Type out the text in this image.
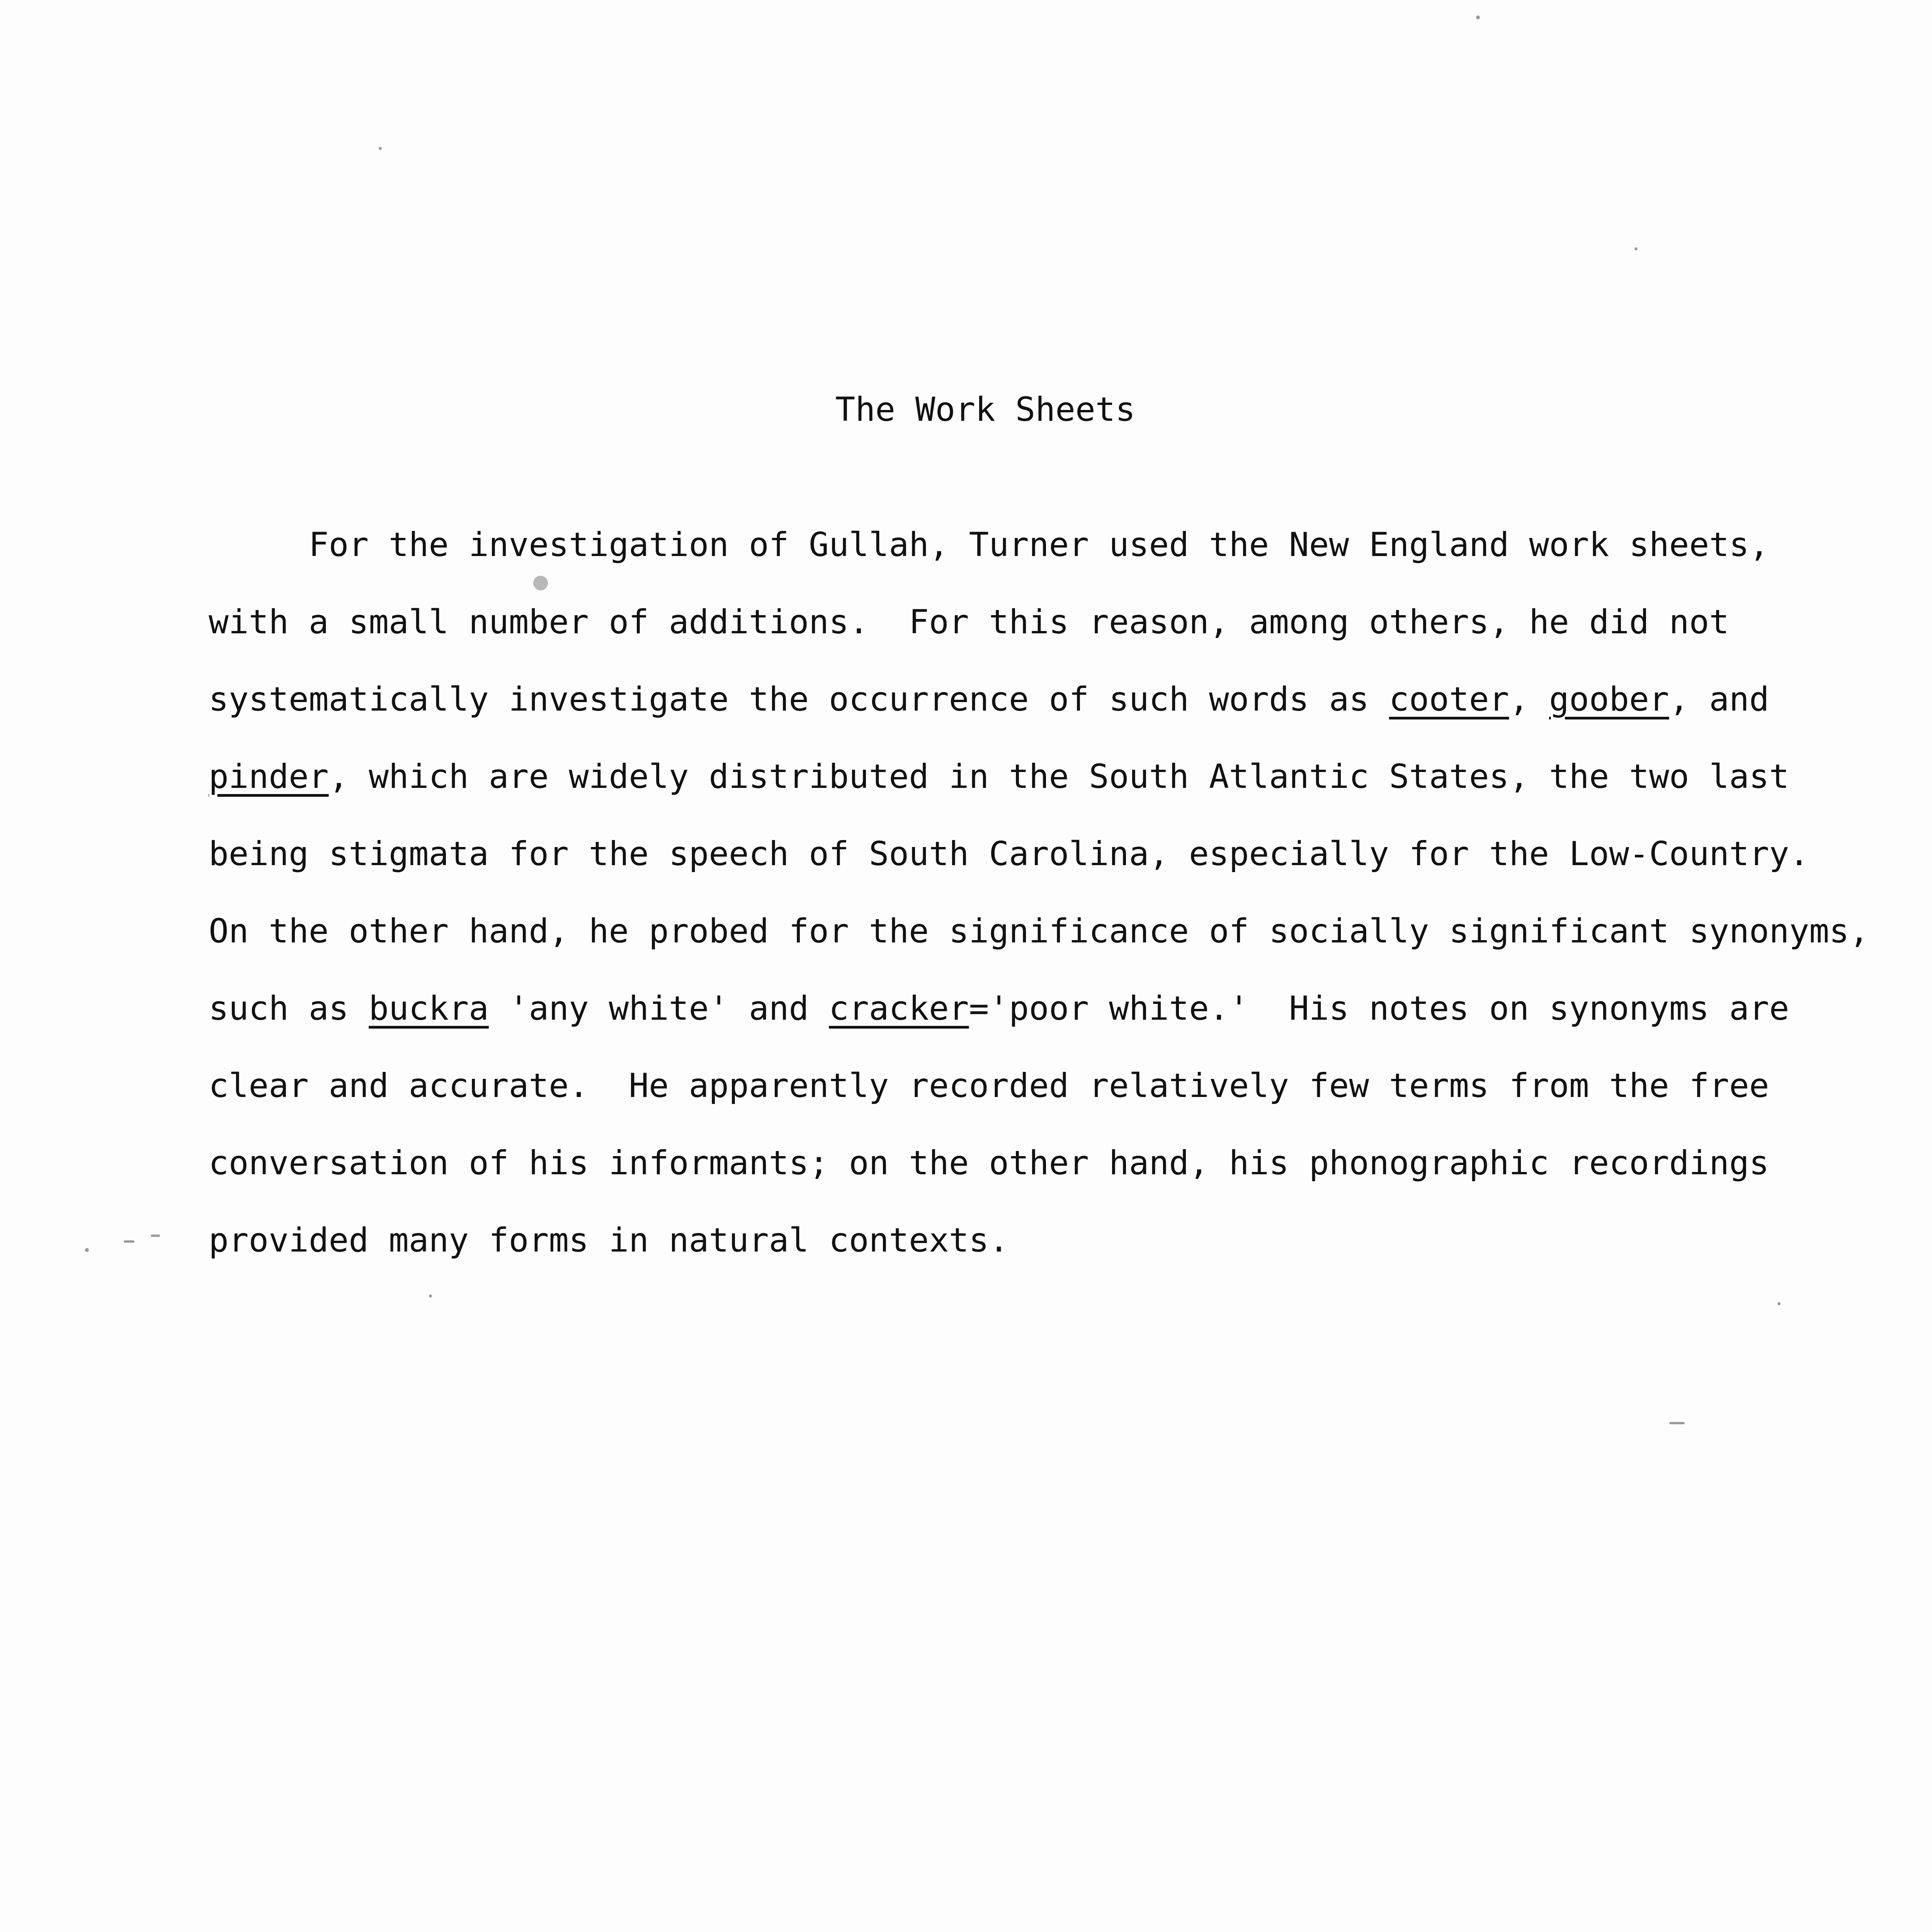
The Work Sheets
For the investigation of Gullah, Turner used the New England work sheets,
with a small number of additions.  For this reason, among others, he did not
systematically investigate the occurrence of such words as cooter, goober, and
pinder, which are widely distributed in the South Atlantic States, the two last
being stigmata for the speech of South Carolina, especially for the Low-Country.
On the other hand, he probed for the significance of socially significant synonyms,
such as buckra 'any white' and cracker='poor white.'  His notes on synonyms are
clear and accurate.  He apparently recorded relatively few terms from the free
conversation of his informants; on the other hand, his phonographic recordings
provided many forms in natural contexts.
